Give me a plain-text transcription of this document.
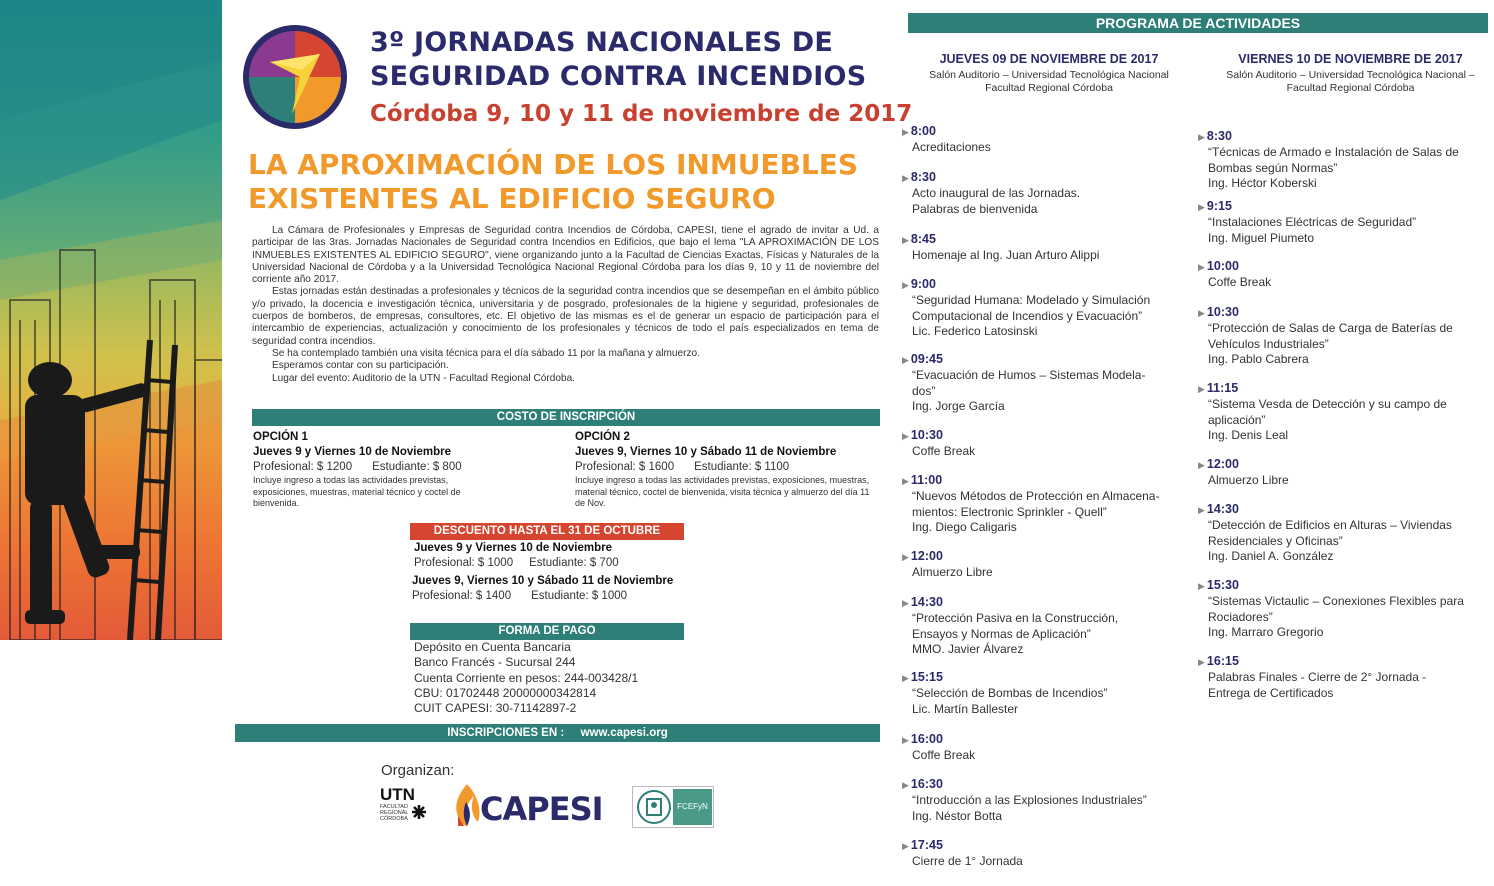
3º JORNADAS NACIONALES DE
SEGURIDAD CONTRA INCENDIOS
Córdoba 9, 10 y 11 de noviembre de 2017
LA APROXIMACIÓN DE LOS INMUEBLES
EXISTENTES AL EDIFICIO SEGURO

La Cámara de Profesionales y Empresas de Seguridad contra Incendios de Córdoba, CAPESI, tiene el agrado de invitar a Ud. a participar de las 3ras. Jornadas Nacionales de Seguridad contra Incendios en Edificios, que bajo el lema "LA APROXIMACIÓN DE LOS INMUEBLES EXISTENTES AL EDIFICIO SEGURO", viene organizando junto a la Facultad de Ciencias Exactas, Físicas y Naturales de la Universidad Nacional de Córdoba y a la Universidad Tecnológica Nacional Regional Córdoba para los días 9, 10 y 11 de noviembre del corriente año 2017.

Estas jornadas están destinadas a profesionales y técnicos de la seguridad contra incendios que se desempeñan en el ámbito público y/o privado, la docencia e investigación técnica, universitaria y de posgrado, profesionales de la higiene y seguridad, profesionales de cuerpos de bomberos, de empresas, consultores, etc. El objetivo de las mismas es el de generar un espacio de participación para el intercambio de experiencias, actualización y conocimiento de los profesionales y técnicos de todo el país especializados en tema de seguridad contra incendios.

Se ha contemplado también una visita técnica para el día sábado 11 por la mañana y almuerzo.

Esperamos contar con su participación.

Lugar del evento: Auditorio de la UTN - Facultad Regional Córdoba.

COSTO DE INSCRIPCIÓN
OPCIÓN 1
Jueves 9 y Viernes 10 de Noviembre
Profesional: $ 1200 Estudiante: $ 800
Incluye ingreso a todas las actividades previstas, exposiciones, muestras, material técnico y coctel de bienvenida.
OPCIÓN 2
Jueves 9, Viernes 10 y Sábado 11 de Noviembre
Profesional: $ 1600 Estudiante: $ 1100
Incluye ingreso a todas las actividades previstas, exposiciones, muestras, material técnico, coctel de bienvenida, visita técnica y almuerzo del día 11 de Nov.
DESCUENTO HASTA EL 31 DE OCTUBRE
Jueves 9 y Viernes 10 de Noviembre
Profesional: $ 1000 Estudiante: $ 700
Jueves 9, Viernes 10 y Sábado 11 de Noviembre
Profesional: $ 1400 Estudiante: $ 1000
FORMA DE PAGO
Depósito en Cuenta Bancaria
Banco Francés - Sucursal 244
Cuenta Corriente en pesos: 244-003428/1
CBU: 01702448 20000000342814
CUIT CAPESI: 30-71142897-2
INSCRIPCIONES EN : www.capesi.org
Organizan:
UTN
FACULTAD
REGIONAL
CÓRDOBA CAPESI	FCEFyN
PROGRAMA DE ACTIVIDADES
JUEVES 09 DE NOVIEMBRE DE 2017
Salón Auditorio – Universidad Tecnológica Nacional
Facultad Regional Córdoba
VIERNES 10 DE NOVIEMBRE DE 2017
Salón Auditorio – Universidad Tecnológica Nacional –
Facultad Regional Córdoba
▶ 8:00
Acreditaciones
▶ 8:30
Acto inaugural de las Jornadas.
Palabras de bienvenida
▶ 8:45
Homenaje al Ing. Juan Arturo Alippi
▶ 9:00
“Seguridad Humana: Modelado y Simulación
Computacional de Incendios y Evacuación”
Lic. Federico Latosinski
▶ 09:45
“Evacuación de Humos – Sistemas Modela-
dos”
Ing. Jorge García
▶ 10:30
Coffe Break
▶ 11:00
“Nuevos Métodos de Protección en Almacena-
mientos: Electronic Sprinkler - Quell”
Ing. Diego Caligaris
▶ 12:00
Almuerzo Libre
▶ 14:30
“Protección Pasiva en la Construcción,
Ensayos y Normas de Aplicación”
MMO. Javier Álvarez
▶ 15:15
“Selección de Bombas de Incendios”
Lic. Martín Ballester
▶ 16:00
Coffe Break
▶ 16:30
“Introducción a las Explosiones Industriales”
Ing. Néstor Botta
▶ 17:45
Cierre de 1° Jornada
▶ 8:30
“Técnicas de Armado e Instalación de Salas de
Bombas según Normas”
Ing. Héctor Koberski
▶ 9:15
“Instalaciones Eléctricas de Seguridad”
Ing. Miguel Piumeto
▶ 10:00
Coffe Break
▶ 10:30
“Protección de Salas de Carga de Baterías de
Vehículos Industriales”
Ing. Pablo Cabrera
▶ 11:15
“Sistema Vesda de Detección y su campo de
aplicación”
Ing. Denis Leal
▶ 12:00
Almuerzo Libre
▶ 14:30
“Detección de Edificios en Alturas – Viviendas
Residenciales y Oficinas”
Ing. Daniel A. González
▶ 15:30
“Sistemas Victaulic – Conexiones Flexibles para
Rociadores”
Ing. Marraro Gregorio
▶ 16:15
Palabras Finales - Cierre de 2° Jornada -
Entrega de Certificados
